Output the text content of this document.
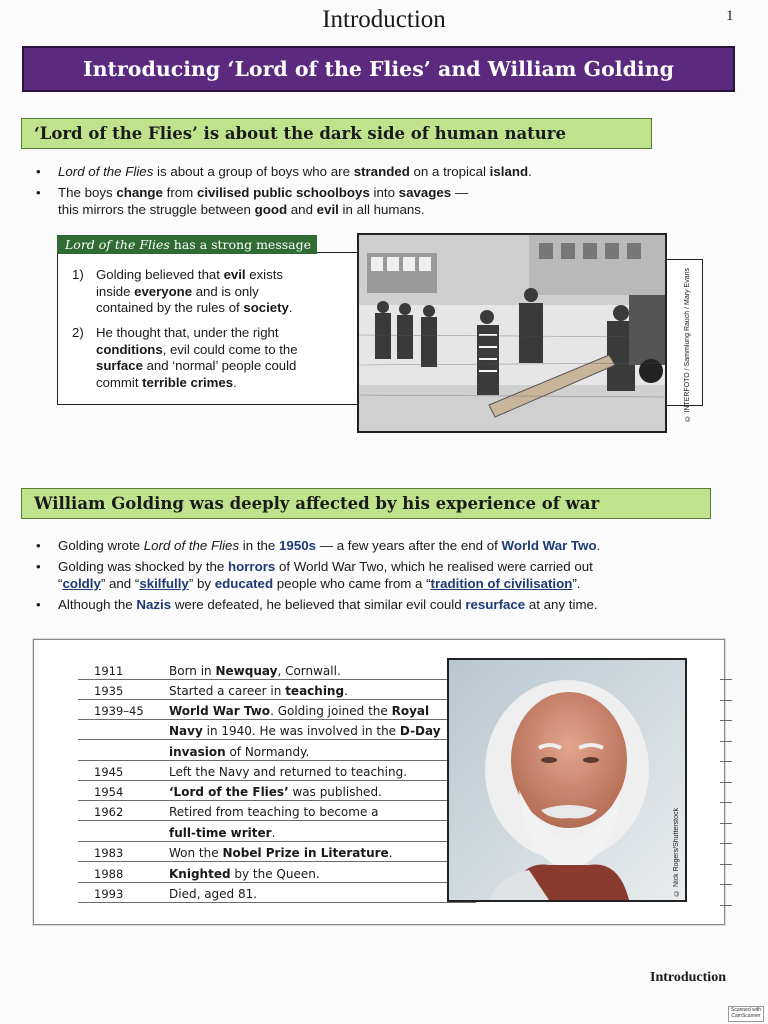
Introduction	1
Introducing ‘Lord of the Flies’ and William Golding
‘Lord of the Flies’ is about the dark side of human nature
• Lord of the Flies is about a group of boys who are stranded on a tropical island.
• The boys change from civilised public schoolboys into savages —
this mirrors the struggle between good and evil in all humans.
1) Golding believed that evil exists
inside everyone and is only
contained by the rules of society.
2) He thought that, under the right
conditions, evil could come to the
surface and ‘normal’ people could
commit terrible crimes.
Lord of the Flies has a strong message
© INTERFOTO / Sammlung Rauch / Mary Evans
William Golding was deeply affected by his experience of war
• Golding wrote Lord of the Flies in the 1950s — a few years after the end of World War Two.
• Golding was shocked by the horrors of World War Two, which he realised were carried out
“coldly” and “skilfully” by educated people who came from a “tradition of civilisation”.
• Although the Nazis were defeated, he believed that similar evil could resurface at any time.
1911	Born in Newquay, Cornwall.
1935	Started a career in teaching.
1939–45 World War Two. Golding joined the Royal
Navy in 1940. He was involved in the D-Day
invasion of Normandy.
1945	Left the Navy and returned to teaching.
1954	‘Lord of the Flies’ was published.
1962	Retired from teaching to become a
full-time writer.
1983	Won the Nobel Prize in Literature.
1988	Knighted by the Queen.
1993	Died, aged 81.	© Nick Rogers/Shutterstock
Introduction
Scanned with CamScanner
